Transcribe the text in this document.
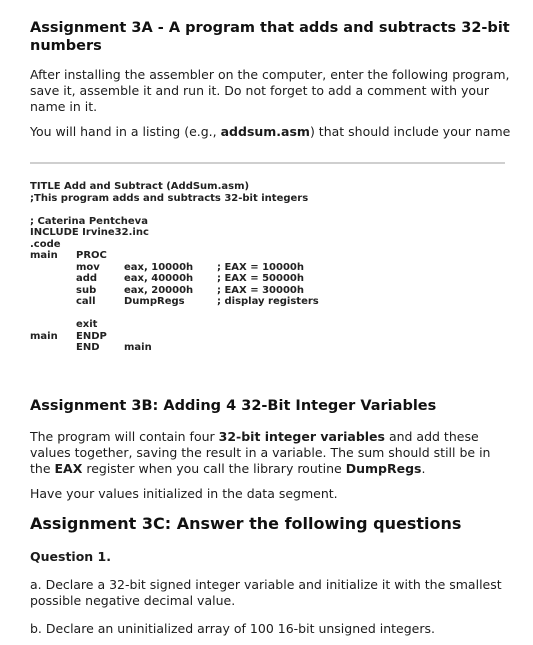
Assignment 3A - A program that adds and subtracts 32-bit numbers

After installing the assembler on the computer, enter the following program, save it, assemble it and run it. Do not forget to add a comment with your name in it.

You will hand in a listing (e.g., addsum.asm) that should include your name

TITLE Add and Subtract (AddSum.asm)
;This program adds and subtracts 32-bit integers
; Caterina Pentcheva
INCLUDE Irvine32.inc
.code
main PROC
mov eax, 10000h ; EAX = 10000h
add	eax, 40000h ; EAX = 50000h
sub	eax, 20000h ; EAX = 30000h
call	DumpRegs	; display registers
exit
main ENDP
END main
Assignment 3B: Adding 4 32-Bit Integer Variables

The program will contain four 32-bit integer variables and add these values together, saving the result in a variable. The sum should still be in the EAX register when you call the library routine DumpRegs.

Have your values initialized in the data segment.

Assignment 3C: Answer the following questions
Question 1.

a. Declare a 32-bit signed integer variable and initialize it with the smallest possible negative decimal value.

b. Declare an uninitialized array of 100 16-bit unsigned integers.
